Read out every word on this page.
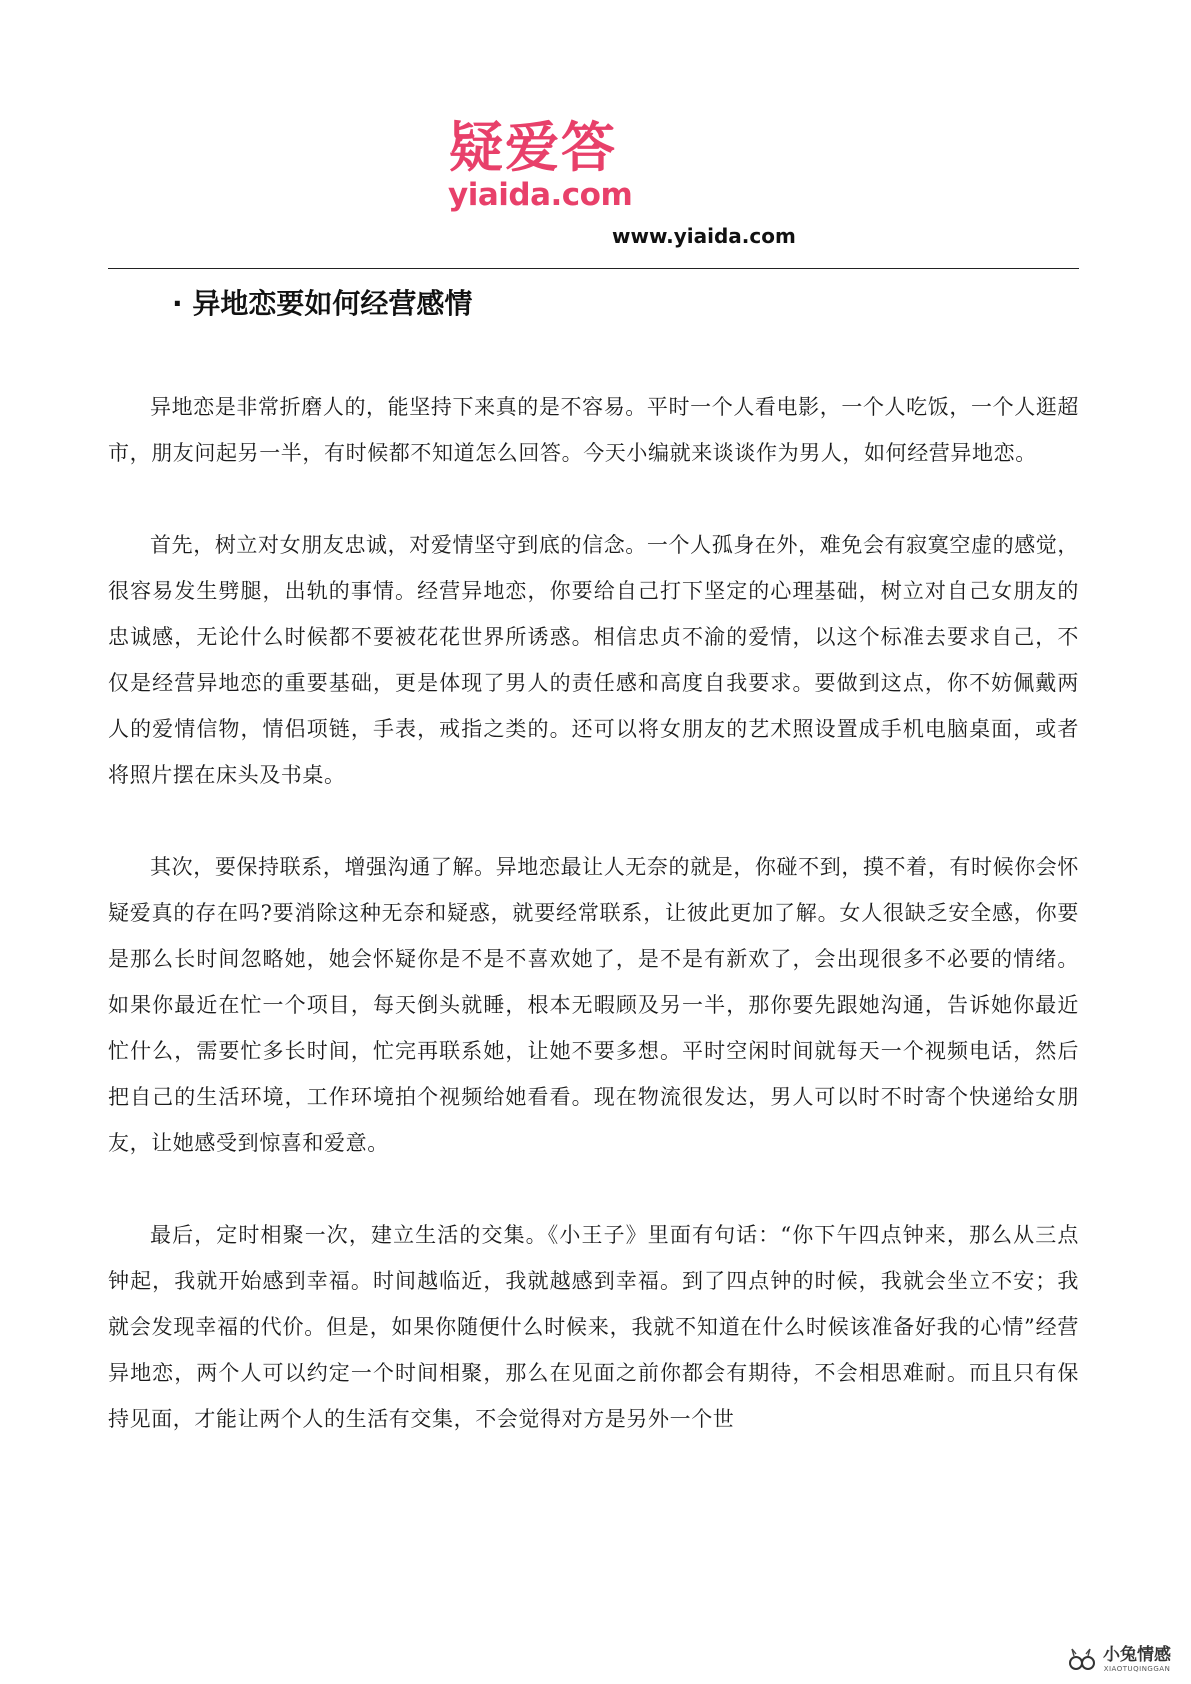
疑爱答
yiaida.com
www.yiaida.com
· 异地恋要如何经营感情

异地恋是非常折磨人的，能坚持下来真的是不容易。平时一个人看电影，一个人吃饭，一个人逛超市，朋友问起另一半，有时候都不知道怎么回答。今天小编就来谈谈作为男人，如何经营异地恋。

首先，树立对女朋友忠诚，对爱情坚守到底的信念。一个人孤身在外，难免会有寂寞空虚的感觉，很容易发生劈腿，出轨的事情。经营异地恋，你要给自己打下坚定的心理基础，树立对自己女朋友的忠诚感，无论什么时候都不要被花花世界所诱惑。相信忠贞不渝的爱情，以这个标准去要求自己，不仅是经营异地恋的重要基础，更是体现了男人的责任感和高度自我要求。要做到这点，你不妨佩戴两人的爱情信物，情侣项链，手表，戒指之类的。还可以将女朋友的艺术照设置成手机电脑桌面，或者将照片摆在床头及书桌。

其次，要保持联系，增强沟通了解。异地恋最让人无奈的就是，你碰不到，摸不着，有时候你会怀疑爱真的存在吗?要消除这种无奈和疑惑，就要经常联系，让彼此更加了解。女人很缺乏安全感，你要是那么长时间忽略她，她会怀疑你是不是不喜欢她了，是不是有新欢了，会出现很多不必要的情绪。如果你最近在忙一个项目，每天倒头就睡，根本无暇顾及另一半，那你要先跟她沟通，告诉她你最近忙什么，需要忙多长时间，忙完再联系她，让她不要多想。平时空闲时间就每天一个视频电话，然后把自己的生活环境，工作环境拍个视频给她看看。现在物流很发达，男人可以时不时寄个快递给女朋友，让她感受到惊喜和爱意。

最后，定时相聚一次，建立生活的交集。《小王子》里面有句话：“你下午四点钟来，那么从三点钟起，我就开始感到幸福。时间越临近，我就越感到幸福。到了四点钟的时候，我就会坐立不安；我就会发现幸福的代价。但是，如果你随便什么时候来，我就不知道在什么时候该准备好我的心情”经营异地恋，两个人可以约定一个时间相聚，那么在见面之前你都会有期待，不会相思难耐。而且只有保持见面，才能让两个人的生活有交集，不会觉得对方是另外一个世

小兔情感
XIAOTUQINGGAN
